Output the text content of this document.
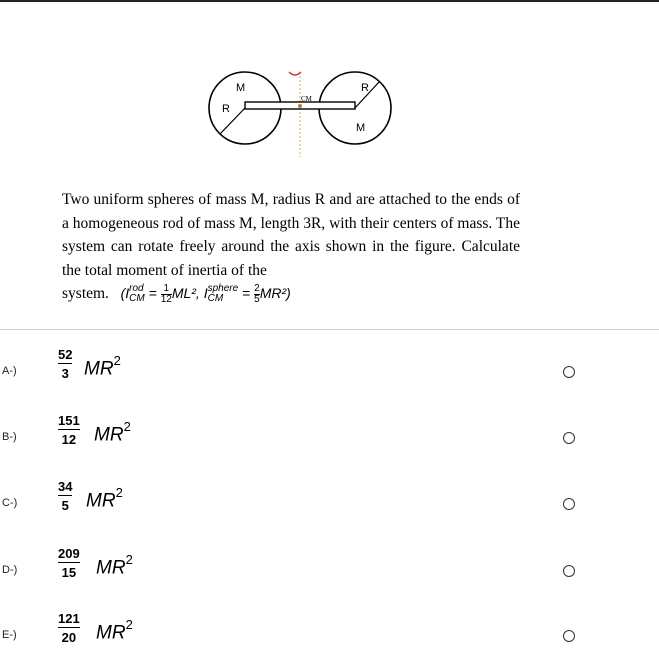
M
R
CM
R
M

Two uniform spheres of mass M, radius R and are attached to the ends of a homogeneous rod of mass M, length 3R, with their centers of mass. The system can rotate freely around the axis shown in the figure. Calculate the total moment of inertia of the

system. (I rod
CM = $\frac{1}{12} ML^2$, I sphere
CM	= $\frac{2}{5} MR^2$)

A-)
52
3 $MR^2$
B-)
151
12 $MR^2$
C-)
34
5 $MR^2$
D-)
209
15 $MR^2$
E-)
121
20 $MR^2$
